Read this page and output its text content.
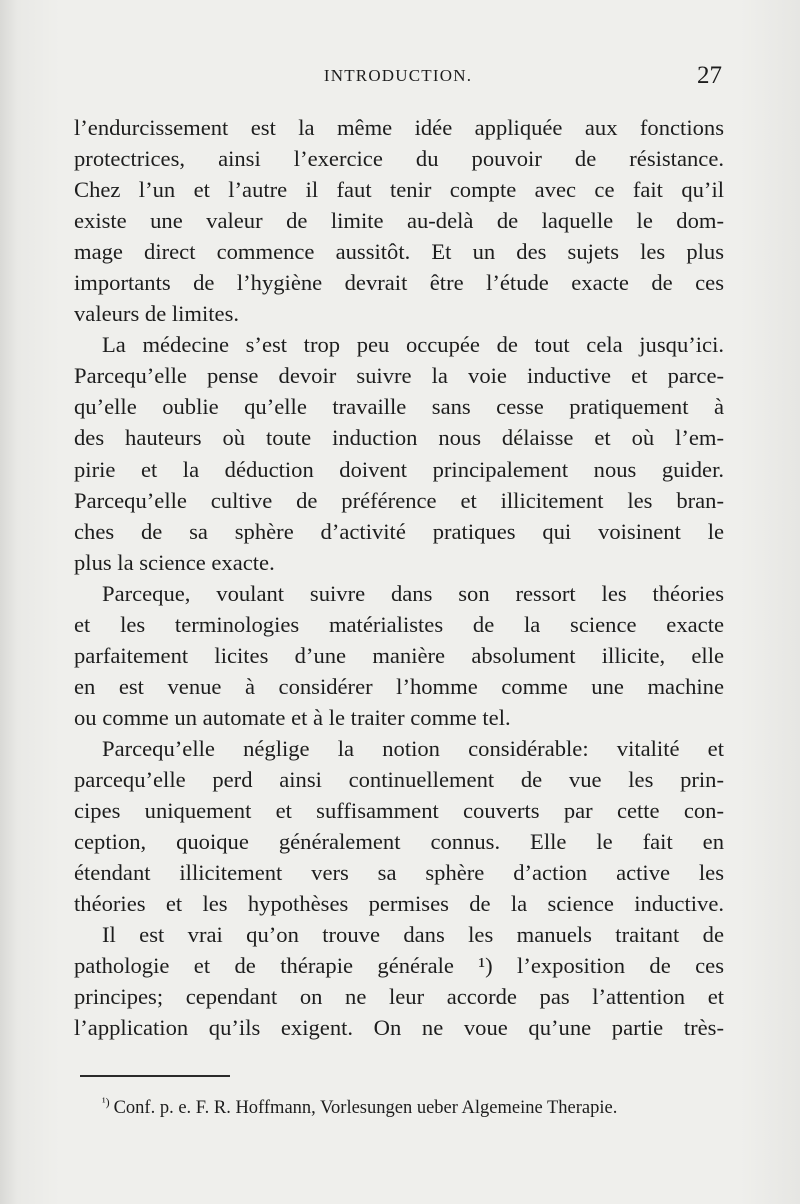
INTRODUCTION.	27
l’endurcissement est la même idée appliquée aux fonctions
protectrices, ainsi l’exercice du pouvoir de résistance.
Chez l’un et l’autre il faut tenir compte avec ce fait qu’il
existe une valeur de limite au-delà de laquelle le dom-
mage direct commence aussitôt. Et un des sujets les plus
importants de l’hygiène devrait être l’étude exacte de ces
valeurs de limites.
La médecine s’est trop peu occupée de tout cela jusqu’ici.
Parcequ’elle pense devoir suivre la voie inductive et parce-
qu’elle oublie qu’elle travaille sans cesse pratiquement à
des hauteurs où toute induction nous délaisse et où l’em-
pirie et la déduction doivent principalement nous guider.
Parcequ’elle cultive de préférence et illicitement les bran-
ches de sa sphère d’activité pratiques qui voisinent le
plus la science exacte.
Parceque, voulant suivre dans son ressort les théories
et les terminologies matérialistes de la science exacte
parfaitement licites d’une manière absolument illicite, elle
en est venue à considérer l’homme comme une machine
ou comme un automate et à le traiter comme tel.
Parcequ’elle néglige la notion considérable: vitalité et
parcequ’elle perd ainsi continuellement de vue les prin-
cipes uniquement et suffisamment couverts par cette con-
ception, quoique généralement connus. Elle le fait en
étendant illicitement vers sa sphère d’action active les
théories et les hypothèses permises de la science inductive.
Il est vrai qu’on trouve dans les manuels traitant de
pathologie et de thérapie générale ¹) l’exposition de ces
principes; cependant on ne leur accorde pas l’attention et
l’application qu’ils exigent. On ne voue qu’une partie très-
$^{^1)}$ Conf. p. e. F. R. Hoffmann, Vorlesungen ueber Algemeine Therapie.
